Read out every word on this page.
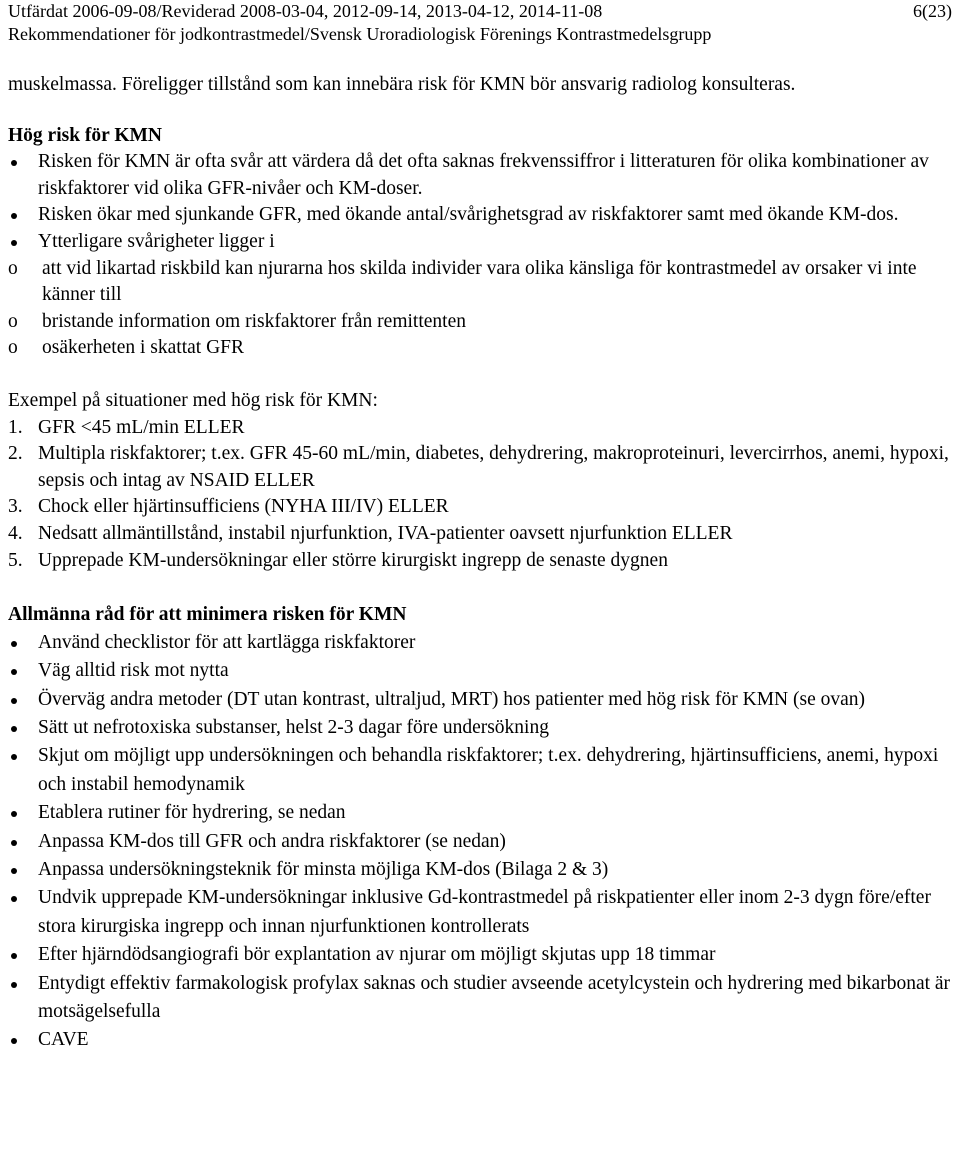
Utfärdat 2006-09-08/Reviderad 2008-03-04, 2012-09-14, 2013-04-12, 2014-11-08	6(23)
Rekommendationer för jodkontrastmedel/Svensk Uroradiologisk Förenings Kontrastmedelsgrupp

muskelmassa. Föreligger tillstånd som kan innebära risk för KMN bör ansvarig radiolog konsulteras.

Hög risk för KMN

Risken för KMN är ofta svår att värdera då det ofta saknas frekvenssiffror i litteraturen för olika kombinationer av riskfaktorer vid olika GFR-nivåer och KM-doser.
Risken ökar med sjunkande GFR, med ökande antal/svårighetsgrad av riskfaktorer samt med ökande KM-dos.
Ytterligare svårigheter ligger i
o att vid likartad riskbild kan njurarna hos skilda individer vara olika känsliga för kontrastmedel av orsaker vi inte känner till
o bristande information om riskfaktorer från remittenten
o osäkerheten i skattat GFR

Exempel på situationer med hög risk för KMN:

1. GFR <45 mL/min ELLER
2. Multipla riskfaktorer; t.ex. GFR 45-60 mL/min, diabetes, dehydrering, makroproteinuri, levercirrhos, anemi, hypoxi, sepsis och intag av NSAID ELLER
3. Chock eller hjärtinsufficiens (NYHA III/IV) ELLER
4. Nedsatt allmäntillstånd, instabil njurfunktion, IVA-patienter oavsett njurfunktion ELLER
5. Upprepade KM-undersökningar eller större kirurgiskt ingrepp de senaste dygnen

Allmänna råd för att minimera risken för KMN

Använd checklistor för att kartlägga riskfaktorer
Väg alltid risk mot nytta
Överväg andra metoder (DT utan kontrast, ultraljud, MRT) hos patienter med hög risk för KMN (se ovan)
Sätt ut nefrotoxiska substanser, helst 2-3 dagar före undersökning
Skjut om möjligt upp undersökningen och behandla riskfaktorer; t.ex. dehydrering, hjärtinsufficiens, anemi, hypoxi och instabil hemodynamik
Etablera rutiner för hydrering, se nedan
Anpassa KM-dos till GFR och andra riskfaktorer (se nedan)
Anpassa undersökningsteknik för minsta möjliga KM-dos (Bilaga 2 & 3)
Undvik upprepade KM-undersökningar inklusive Gd-kontrastmedel på riskpatienter eller inom 2-3 dygn före/efter stora kirurgiska ingrepp och innan njurfunktionen kontrollerats
Efter hjärndödsangiografi bör explantation av njurar om möjligt skjutas upp 18 timmar
Entydigt effektiv farmakologisk profylax saknas och studier avseende acetylcystein och hydrering med bikarbonat är motsägelsefulla
CAVE
